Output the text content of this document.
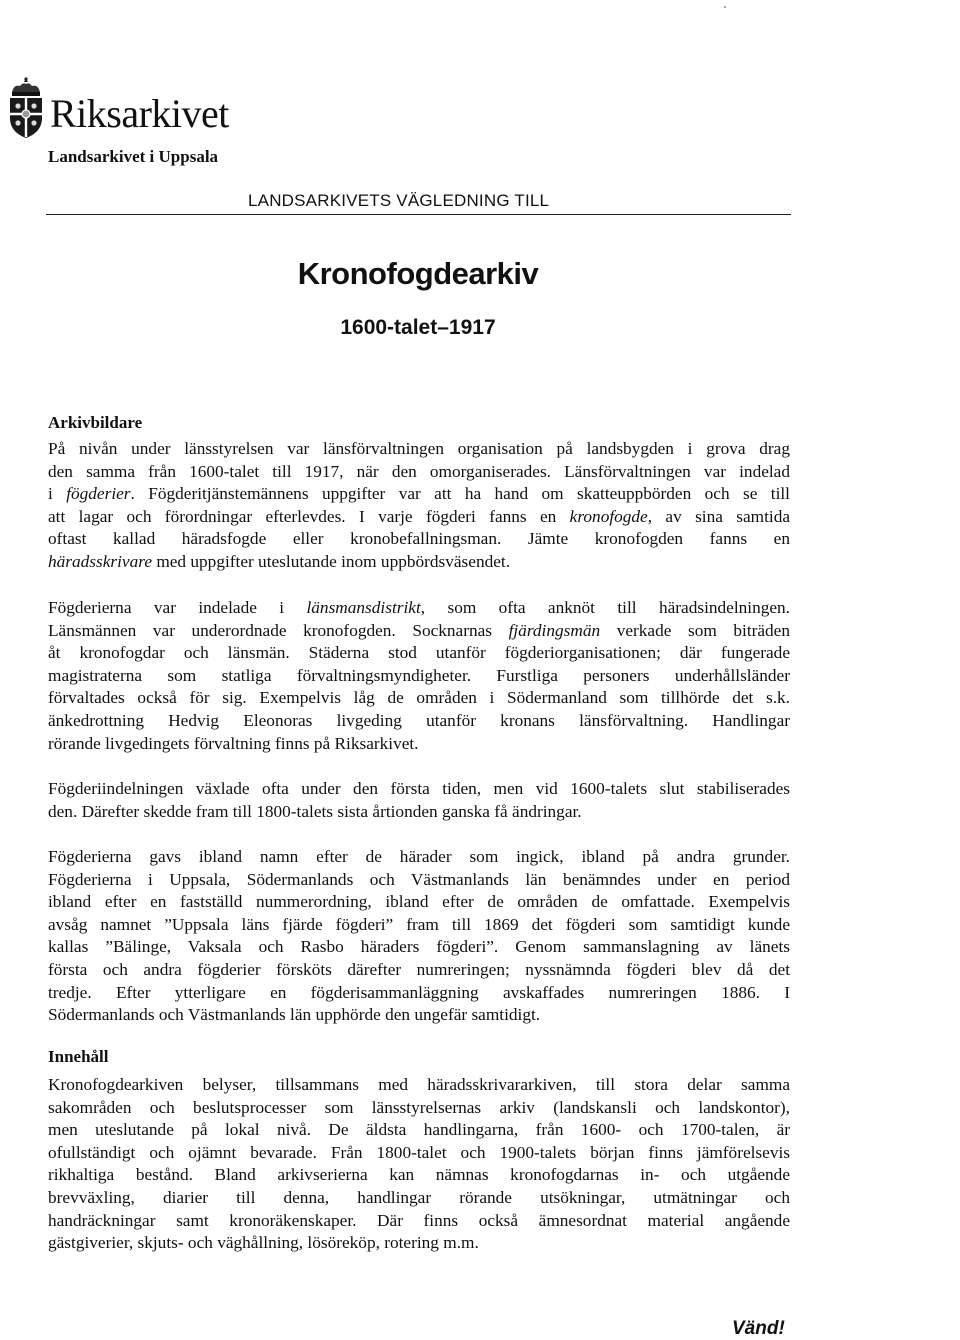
Riksarkivet
Landsarkivet i Uppsala
LANDSARKIVETS VÄGLEDNING TILL
Kronofogdearkiv
1600-talet–1917
Arkivbildare
På nivån under länsstyrelsen var länsförvaltningen organisation på landsbygden i grova drag
den samma från 1600-talet till 1917, när den omorganiserades. Länsförvaltningen var indelad
i fögderier. Fögderitjänstemännens uppgifter var att ha hand om skatteuppbörden och se till
att lagar och förordningar efterlevdes. I varje fögderi fanns en kronofogde, av sina samtida
oftast kallad häradsfogde eller kronobefallningsman. Jämte kronofogden fanns en
häradsskrivare med uppgifter uteslutande inom uppbördsväsendet.
Fögderierna var indelade i länsmansdistrikt, som ofta anknöt till häradsindelningen.
Länsmännen var underordnade kronofogden. Socknarnas fjärdingsmän verkade som biträden
åt kronofogdar och länsmän. Städerna stod utanför fögderiorganisationen; där fungerade
magistraterna som statliga förvaltningsmyndigheter. Furstliga personers underhållsländer
förvaltades också för sig. Exempelvis låg de områden i Södermanland som tillhörde det s.k.
änkedrottning Hedvig Eleonoras livgeding utanför kronans länsförvaltning. Handlingar
rörande livgedingets förvaltning finns på Riksarkivet.
Fögderiindelningen växlade ofta under den första tiden, men vid 1600-talets slut stabiliserades
den. Därefter skedde fram till 1800-talets sista årtionden ganska få ändringar.
Fögderierna gavs ibland namn efter de härader som ingick, ibland på andra grunder.
Fögderierna i Uppsala, Södermanlands och Västmanlands län benämndes under en period
ibland efter en fastställd nummerordning, ibland efter de områden de omfattade. Exempelvis
avsåg namnet ”Uppsala läns fjärde fögderi” fram till 1869 det fögderi som samtidigt kunde
kallas ”Bälinge, Vaksala och Rasbo häraders fögderi”. Genom sammanslagning av länets
första och andra fögderier försköts därefter numreringen; nyssnämnda fögderi blev då det
tredje. Efter ytterligare en fögderisammanläggning avskaffades numreringen 1886. I
Södermanlands och Västmanlands län upphörde den ungefär samtidigt.
Innehåll
Kronofogdearkiven belyser, tillsammans med häradsskrivararkiven, till stora delar samma
sakområden och beslutsprocesser som länsstyrelsernas arkiv (landskansli och landskontor),
men uteslutande på lokal nivå. De äldsta handlingarna, från 1600- och 1700-talen, är
ofullständigt och ojämnt bevarade. Från 1800-talet och 1900-talets början finns jämförelsevis
rikhaltiga bestånd. Bland arkivserierna kan nämnas kronofogdarnas in- och utgående
brevväxling, diarier till denna, handlingar rörande utsökningar, utmätningar och
handräckningar samt kronoräkenskaper. Där finns också ämnesordnat material angående
gästgiverier, skjuts- och väghållning, lösöreköp, rotering m.m.
Vänd!
